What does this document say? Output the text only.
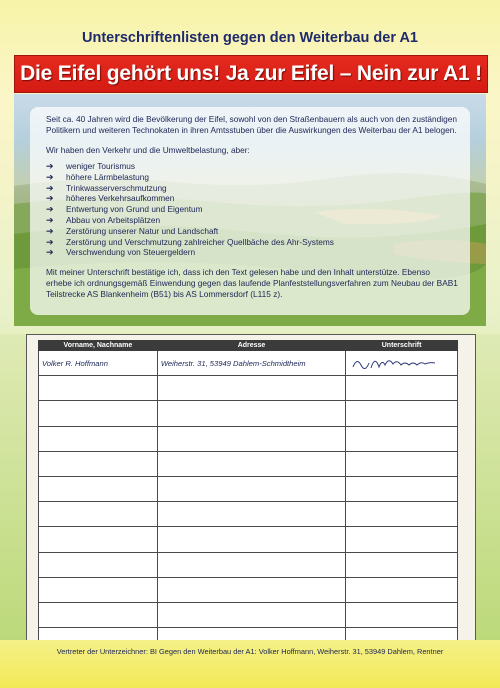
Unterschriftenlisten gegen den Weiterbau der A1
Die Eifel gehört uns! Ja zur Eifel – Nein zur A1 !

Seit ca. 40 Jahren wird die Bevölkerung der Eifel, sowohl von den Straßenbauern als auch von den zuständigen Politikern und weiteren Technokaten in ihren Amtsstuben über die Auswirkungen des Weiterbau der A1 belogen.

Wir haben den Verkehr und die Umweltbelastung, aber:

➔ weniger Tourismus
➔ höhere Lärmbelastung
➔ Trinkwasserverschmutzung
➔ höheres Verkehrsaufkommen
➔ Entwertung von Grund und Eigentum
➔ Abbau von Arbeitsplätzen
➔ Zerstörung unserer Natur und Landschaft
➔ Zerstörung und Verschmutzung zahlreicher Quellbäche des Ahr-Systems
➔ Verschwendung von Steuergeldern

Mit meiner Unterschrift bestätige ich, dass ich den Text gelesen habe und den Inhalt unterstütze. Ebenso erhebe ich ordnungsgemäß Einwendung gegen das laufende Planfeststellungsverfahren zum Neubau der BAB1 Teilstrecke AS Blankenheim (B51) bis AS Lommersdorf (L115 z).

Vorname, Nachname	Adresse	Unterschrift
Volker R. Hoffmann	Weiherstr. 31, 53949 Dahlem-Schmidtheim	

Vertreter der Unterzeichner: BI Gegen den Weiterbau der A1: Volker Hoffmann, Weiherstr. 31, 53949 Dahlem, Rentner
